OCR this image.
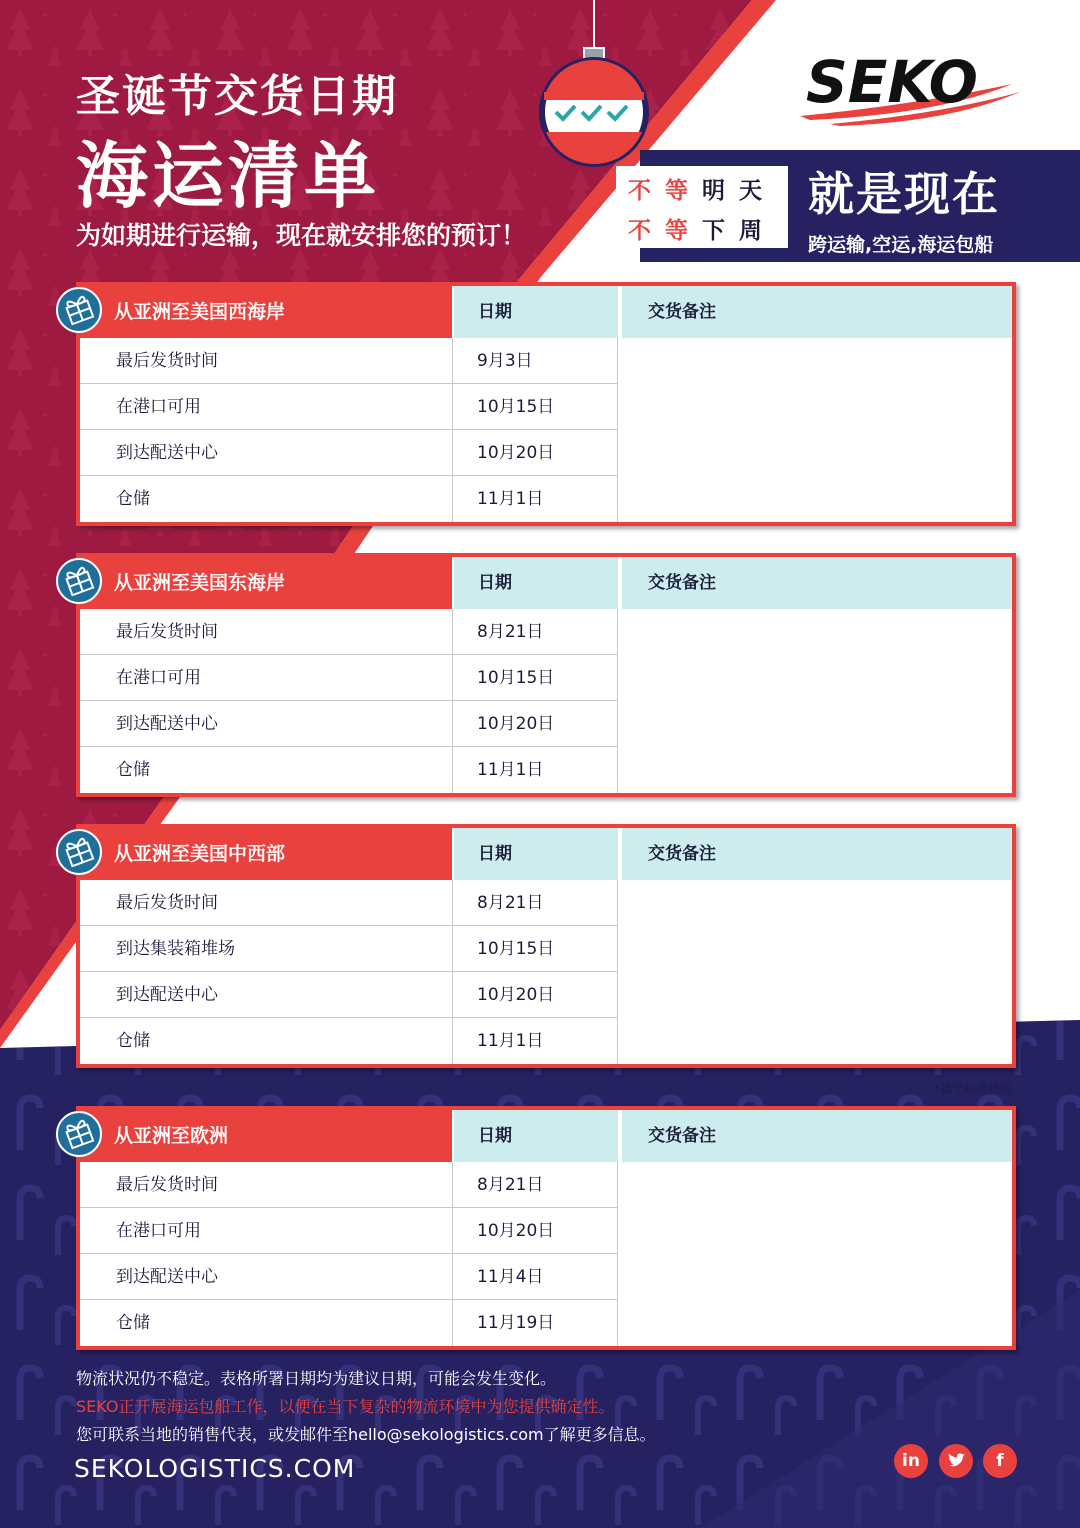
圣诞节交货日期
海运清单
为如期进行运输，现在就安排您的预订！
SEKO
不等明天
不等下周
就是现在
跨运输,空运,海运包船
从亚洲至美国西海岸	日期	交货备注
最后发货时间	9月3日
在港口可用	10月15日
到达配送中心	10月20日
仓储	11月1日
从亚洲至美国东海岸	日期	交货备注
最后发货时间	8月21日
在港口可用	10月15日
到达配送中心	10月20日
仓储	11月1日
从亚洲至美国中西部	日期	交货备注
最后发货时间	8月21日
到达集装箱堆场	10月15日
到达配送中心	10月20日
仓储	11月1日
*基于标准轨道
从亚洲至欧洲	日期	交货备注
最后发货时间	8月21日
在港口可用	10月20日
到达配送中心	11月4日
仓储	11月19日
物流状况仍不稳定。表格所署日期均为建议日期，可能会发生变化。
SEKO正开展海运包船工作，以便在当下复杂的物流环境中为您提供确定性。
您可联系当地的销售代表，或发邮件至hello@sekologistics.com了解更多信息。
SEKOLOGISTICS.COM	in	f
